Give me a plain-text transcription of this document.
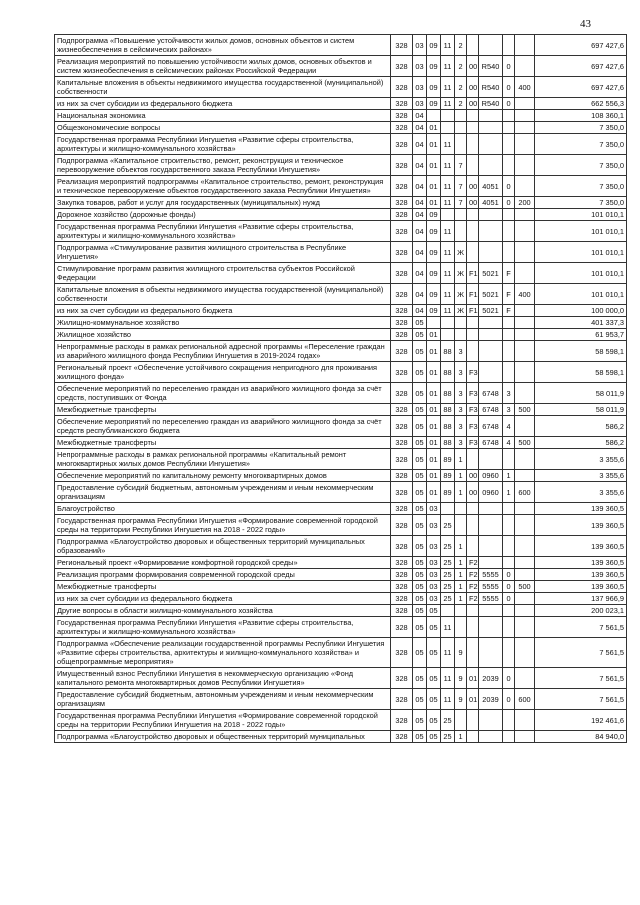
43
Подпрограмма «Повышение устойчивости жилых домов, основных объектов и систем жизнеобеспечения в сейсмических районах»	328	03	09	11	2					697 427,6
Реализация мероприятий по повышению устойчивости жилых домов, основных объектов и систем жизнеобеспечения в сейсмических районах Российской Федерации	328	03	09	11	2	00	R540	0		697 427,6
Капитальные вложения в объекты недвижимого имущества государственной (муниципальной) собственности	328	03	09	11	2	00	R540	0	400	697 427,6
из них за счет субсидии из федерального бюджета	328	03	09	11	2	00	R540	0		662 556,3
Национальная экономика	328	04								108 360,1
Общеэкономические вопросы	328	04	01							7 350,0
Государственная программа Республики Ингушетия «Развитие сферы строительства, архитектуры и жилищно-коммунального хозяйства»	328	04	01	11						7 350,0
Подпрограмма «Капитальное строительство, ремонт, реконструкция и техническое перевооружение объектов государственного заказа Республики Ингушетия»	328	04	01	11	7					7 350,0
Реализация мероприятий подпрограммы «Капитальное строительство, ремонт, реконструкция и техническое перевооружение объектов государственного заказа Республики Ингушетия»	328	04	01	11	7	00	4051	0		7 350,0
Закупка товаров, работ и услуг для государственных (муниципальных) нужд	328	04	01	11	7	00	4051	0	200	7 350,0
Дорожное хозяйство (дорожные фонды)	328	04	09							101 010,1
Государственная программа Республики Ингушетия «Развитие сферы строительства, архитектуры и жилищно-коммунального хозяйства»	328	04	09	11						101 010,1
Подпрограмма «Стимулирование развития жилищного строительства в Республике Ингушетия»	328	04	09	11	Ж					101 010,1
Стимулирование программ развития жилищного строительства субъектов Российской Федерации	328	04	09	11	Ж	F1	5021	F		101 010,1
Капитальные вложения в объекты недвижимого имущества государственной (муниципальной) собственности	328	04	09	11	Ж	F1	5021	F	400	101 010,1
из них за счет субсидии из федерального бюджета	328	04	09	11	Ж	F1	5021	F		100 000,0
Жилищно-коммунальное хозяйство	328	05								401 337,3
Жилищное хозяйство	328	05	01							61 953,7
Непрограммные расходы в рамках региональной адресной программы «Переселение граждан из аварийного жилищного фонда Республики Ингушетия в 2019-2024 годах»	328	05	01	88	3					58 598,1
Региональный проект «Обеспечение устойчивого сокращения непригодного для проживания жилищного фонда»	328	05	01	88	3	F3				58 598,1
Обеспечение мероприятий по переселению граждан из аварийного жилищного фонда за счёт средств, поступивших от Фонда	328	05	01	88	3	F3	6748	3		58 011,9
Межбюджетные трансферты	328	05	01	88	3	F3	6748	3	500	58 011,9
Обеспечение мероприятий по переселению граждан из аварийного жилищного фонда за счёт средств республиканского бюджета	328	05	01	88	3	F3	6748	4		586,2
Межбюджетные трансферты	328	05	01	88	3	F3	6748	4	500	586,2
Непрограммные расходы в рамках региональной программы «Капитальный ремонт многоквартирных жилых домов Республики Ингушетия»	328	05	01	89	1					3 355,6
Обеспечение мероприятий по капитальному ремонту многоквартирных домов	328	05	01	89	1	00	0960	1		3 355,6
Предоставление субсидий бюджетным, автономным учреждениям и иным некоммерческим организациям	328	05	01	89	1	00	0960	1	600	3 355,6
Благоустройство	328	05	03							139 360,5
Государственная программа Республики Ингушетия «Формирование современной городской среды на территории Республики Ингушетия на 2018 - 2022 годы»	328	05	03	25						139 360,5
Подпрограмма «Благоустройство дворовых и общественных территорий муниципальных образований»	328	05	03	25	1					139 360,5
Региональный проект «Формирование комфортной городской среды»	328	05	03	25	1	F2				139 360,5
Реализация программ формирования современной городской среды	328	05	03	25	1	F2	5555	0		139 360,5
Межбюджетные трансферты	328	05	03	25	1	F2	5555	0	500	139 360,5
из них за счет субсидии из федерального бюджета	328	05	03	25	1	F2	5555	0		137 966,9
Другие вопросы в области жилищно-коммунального хозяйства	328	05	05							200 023,1
Государственная программа Республики Ингушетия «Развитие сферы строительства, архитектуры и жилищно-коммунального хозяйства»	328	05	05	11						7 561,5
Подпрограмма «Обеспечение реализации государственной программы Республики Ингушетия «Развитие сферы строительства, архитектуры и жилищно-коммунального хозяйства» и общепрограммные мероприятия»	328	05	05	11	9					7 561,5
Имущественный взнос Республики Ингушетия в некоммерческую организацию «Фонд капитального ремонта многоквартирных домов Республики Ингушетия»	328	05	05	11	9	01	2039	0		7 561,5
Предоставление субсидий бюджетным, автономным учреждениям и иным некоммерческим организациям	328	05	05	11	9	01	2039	0	600	7 561,5
Государственная программа Республики Ингушетия «Формирование современной городской среды на территории Республики Ингушетия на 2018 - 2022 годы»	328	05	05	25						192 461,6
Подпрограмма «Благоустройство дворовых и общественных территорий муниципальных	328	05	05	25	1					84 940,0
